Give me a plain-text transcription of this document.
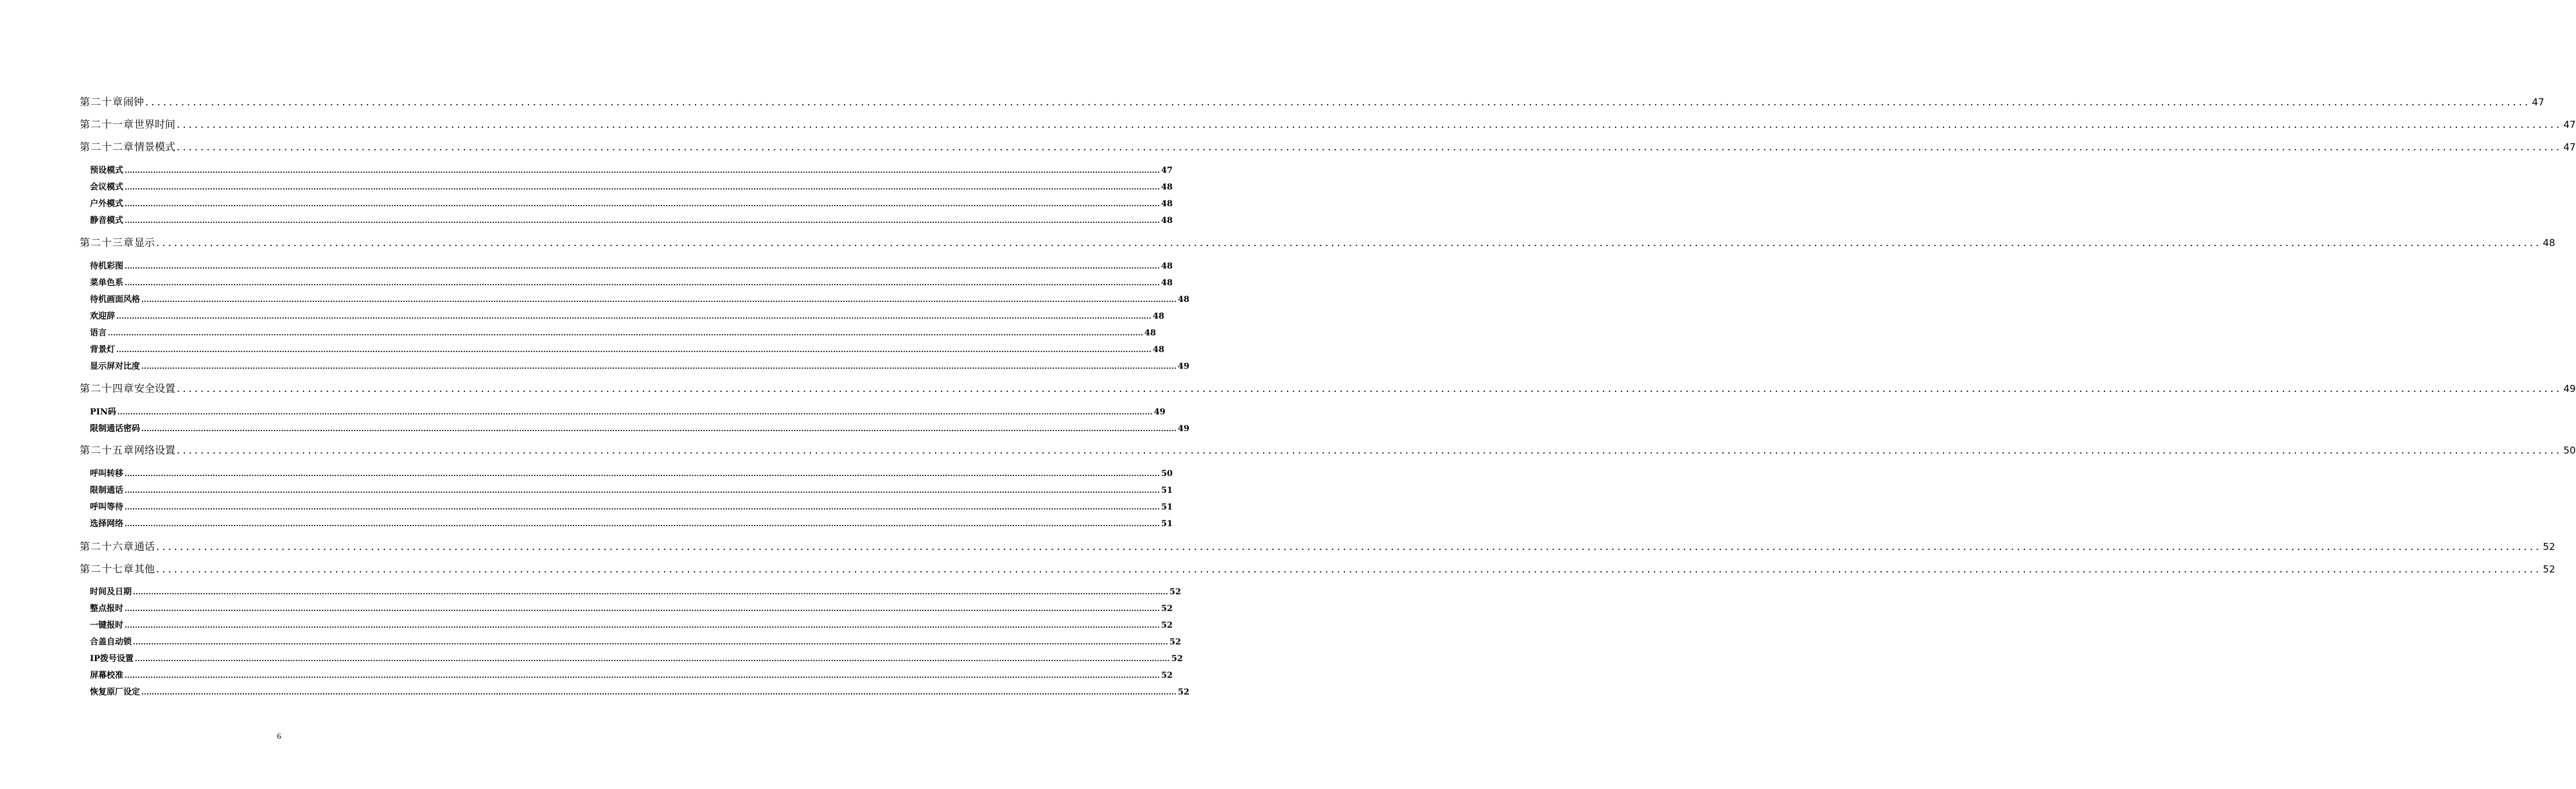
第二十章 闹钟 ................................................................................................................................................................................................................................................................................................................................................................................................................ 47
第二十一章 世界时间 ................................................................................................................................................................................................................................................................................................................................................................................................................ 47
第二十二章 情景模式 ................................................................................................................................................................................................................................................................................................................................................................................................................ 47
预设模式 ................................................................................................................................................................................................................................................................................................................................................................................................................ 47
会议模式 ................................................................................................................................................................................................................................................................................................................................................................................................................ 48
户外模式 ................................................................................................................................................................................................................................................................................................................................................................................................................ 48
静音模式 ................................................................................................................................................................................................................................................................................................................................................................................................................ 48
第二十三章 显示 ................................................................................................................................................................................................................................................................................................................................................................................................................ 48
待机彩图 ................................................................................................................................................................................................................................................................................................................................................................................................................ 48
菜单色系 ................................................................................................................................................................................................................................................................................................................................................................................................................ 48
待机画面风格 ................................................................................................................................................................................................................................................................................................................................................................................................................ 48
欢迎辞 ................................................................................................................................................................................................................................................................................................................................................................................................................ 48
语言 ................................................................................................................................................................................................................................................................................................................................................................................................................ 48
背景灯 ................................................................................................................................................................................................................................................................................................................................................................................................................ 48
显示屏对比度 ................................................................................................................................................................................................................................................................................................................................................................................................................ 49
第二十四章 安全设置 ................................................................................................................................................................................................................................................................................................................................................................................................................ 49
PIN码 ................................................................................................................................................................................................................................................................................................................................................................................................................ 49
限制通话密码 ................................................................................................................................................................................................................................................................................................................................................................................................................ 49
第二十五章 网络设置 ................................................................................................................................................................................................................................................................................................................................................................................................................ 50
呼叫转移 ................................................................................................................................................................................................................................................................................................................................................................................................................ 50
限制通话 ................................................................................................................................................................................................................................................................................................................................................................................................................ 51
呼叫等待 ................................................................................................................................................................................................................................................................................................................................................................................................................ 51
选择网络 ................................................................................................................................................................................................................................................................................................................................................................................................................ 51
第二十六章 通话 ................................................................................................................................................................................................................................................................................................................................................................................................................ 52
第二十七章 其他 ................................................................................................................................................................................................................................................................................................................................................................................................................ 52
时间及日期 ................................................................................................................................................................................................................................................................................................................................................................................................................ 52
整点报时 ................................................................................................................................................................................................................................................................................................................................................................................................................ 52
一键报时 ................................................................................................................................................................................................................................................................................................................................................................................................................ 52
合盖自动锁 ................................................................................................................................................................................................................................................................................................................................................................................................................ 52
IP拨号设置 ................................................................................................................................................................................................................................................................................................................................................................................................................ 52
屏幕校准 ................................................................................................................................................................................................................................................................................................................................................................................................................ 52
恢复原厂设定 ................................................................................................................................................................................................................................................................................................................................................................................................................ 52
6
